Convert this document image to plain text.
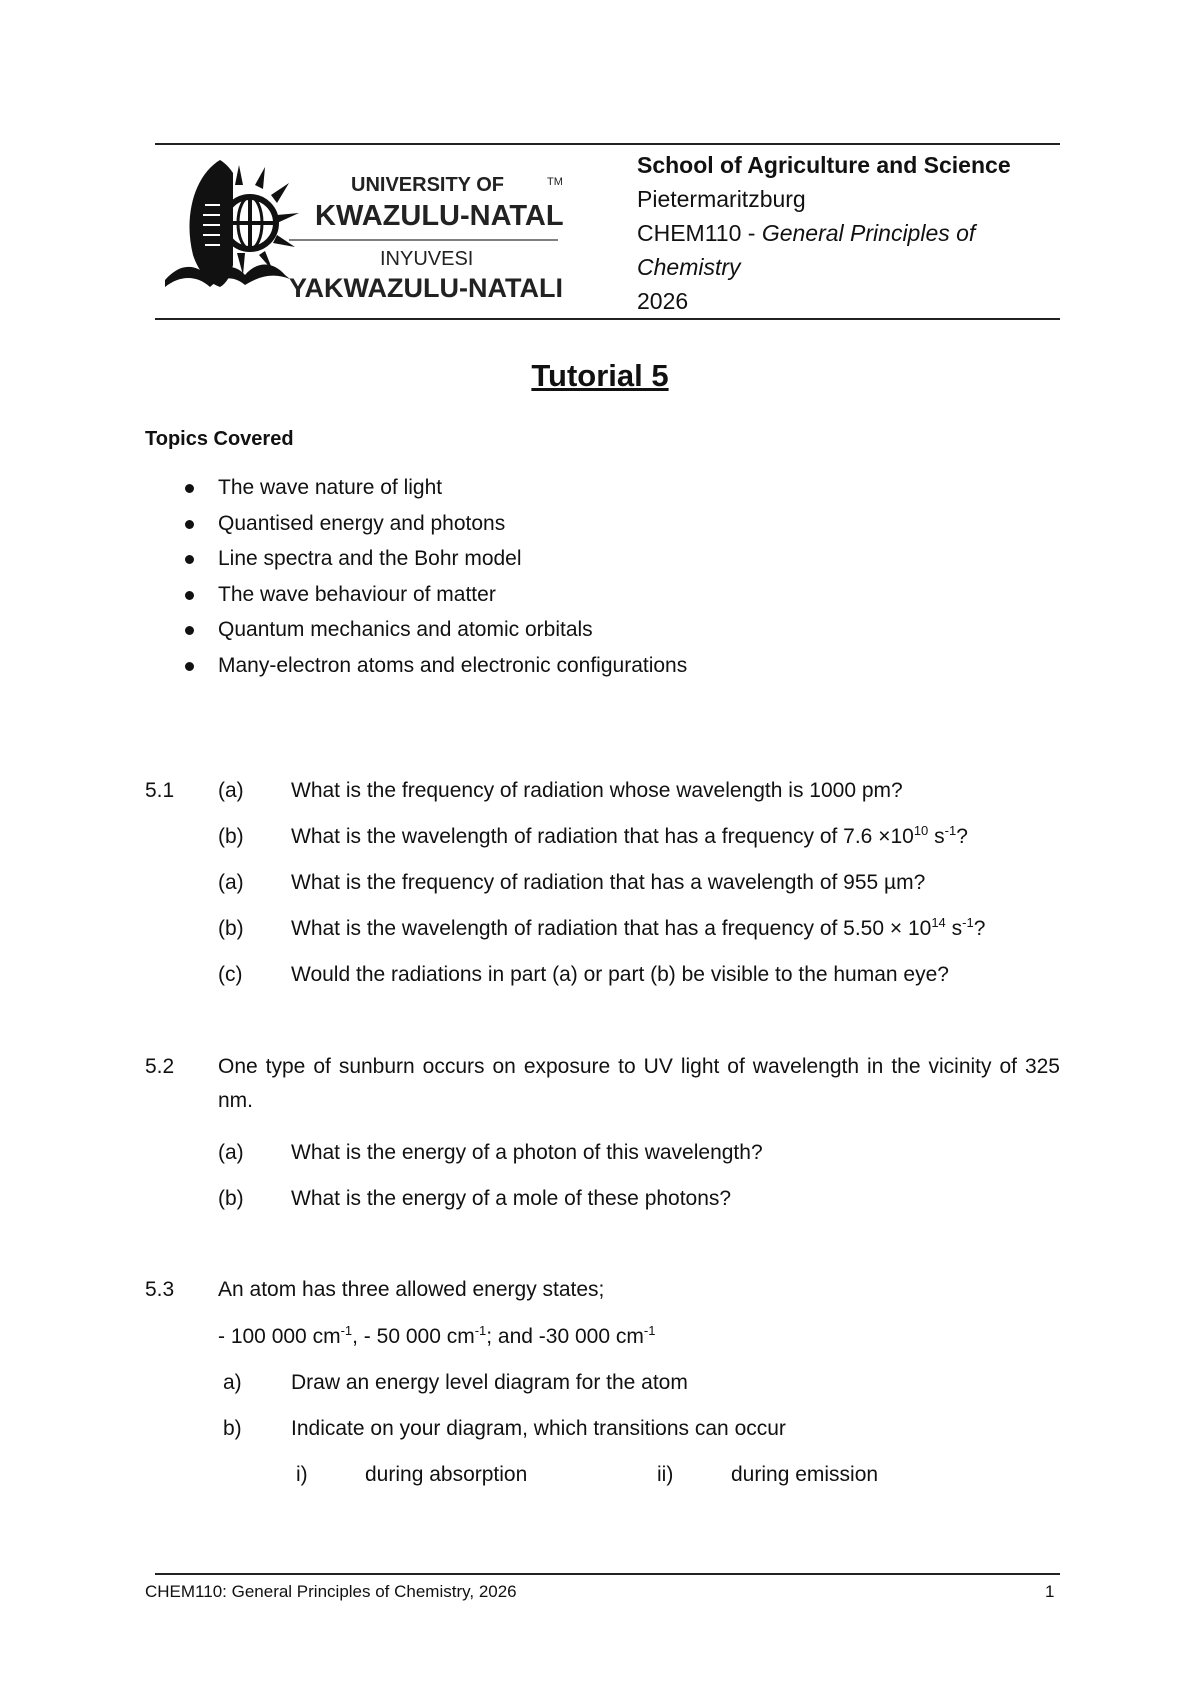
UNIVERSITY OF	TM
KWAZULU-NATAL
INYUVESI
YAKWAZULU-NATALI
School of Agriculture and Science
Pietermaritzburg
CHEM110 - General Principles of Chemistry
2026
Tutorial 5
Topics Covered
The wave nature of light
Quantised energy and photons
Line spectra and the Bohr model
The wave behaviour of matter
Quantum mechanics and atomic orbitals
Many-electron atoms and electronic configurations
5.1 (a) What is the frequency of radiation whose wavelength is 1000 pm?
(b) What is the wavelength of radiation that has a frequency of $7.6 \times 10^{10}$ $s^{-1}$?
(a) What is the frequency of radiation that has a wavelength of 955 µm?
(b) What is the wavelength of radiation that has a frequency of $5.50 \times 10^{14}$ $s^{-1}$?
(c) Would the radiations in part (a) or part (b) be visible to the human eye?
5.2 One type of sunburn occurs on exposure to UV light of wavelength in the vicinity of 325 nm.
(a) What is the energy of a photon of this wavelength?
(b) What is the energy of a mole of these photons?
5.3 An atom has three allowed energy states;
- 100 000 $cm^{-1}$, - 50 000 $cm^{-1}$; and -30 000 $cm^{-1}$
a) Draw an energy level diagram for the atom
b) Indicate on your diagram, which transitions can occur
i)	during absorption	ii)	during emission
CHEM110: General Principles of Chemistry, 2026	1
